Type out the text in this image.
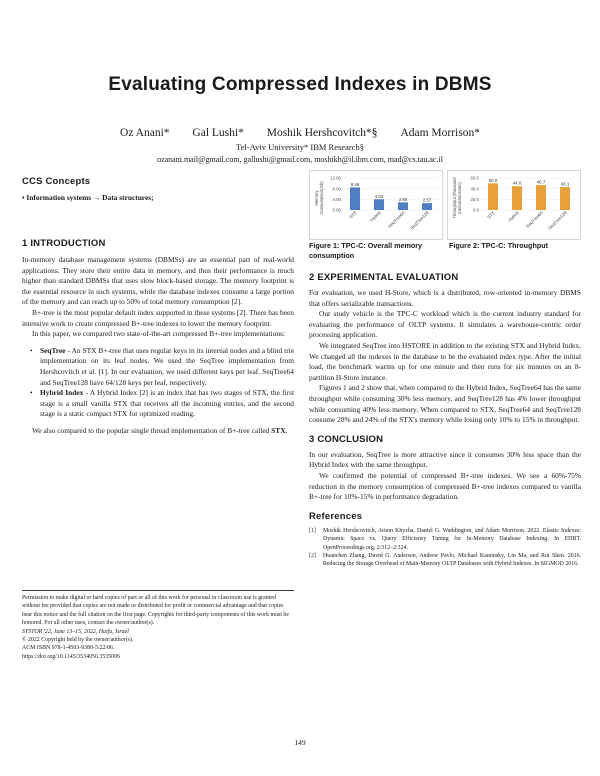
Evaluating Compressed Indexes in DBMS
Oz Anani* Gal Lushi* Moshik Hershcovitch*§ Adam Morrison*
Tel-Aviv University* IBM Research§
ozanani.mail@gmail.com, gallushi@gmail.com, moshikh@il.ibm.com, mad@cs.tau.ac.il
CCS Concepts
• Information systems → Data structures;
1 INTRODUCTION

In-memory database management systems (DBMSs) are an essential part of real-world applications. They store their entire data in memory, and thus their performance is much higher than standard DBMSs that uses slow block-based storage. The memory footprint is the essential resource in such systems, while the database indexes consume a large portion of the memory and can reach up to 50% of total memory consumption [2].

B+-tree is the most popular default index supported in these systems [2]. There has been intensive work to create compressed B+-tree indexes to lower the memory footprint.

In this paper, we compared two state-of-the-art compressed B+-tree implementations:

• SeqTree - An STX B+-tree that uses regular keys in its internal nodes and a blind trie implementation on its leaf nodes. We used the SeqTree implementation from Hershcovitch et al. [1]. In our evaluation, we used different keys per leaf. SeqTree64 and SeqTree128 have 64/128 keys per leaf, respectively.
• Hybrid Index - A Hybrid Index [2] is an index that has two stages of STX, the first stage is a small vanilla STX that receives all the incoming entries, and the second stage is a static compact STX for optimized reading.

We also compared to the popular single thread implementation of B+-tree called STX.

Permission to make digital or hard copies of part or all of this work for personal or classroom use is granted without fee provided that copies are not made or distributed for profit or commercial advantage and that copies bear this notice and the full citation on the first page. Copyrights for third-party components of this work must be honored. For all other uses, contact the owner/author(s).

SYSTOR '22, June 13–15, 2022, Haifa, Israel

© 2022 Copyright held by the owner/author(s).

ACM ISBN 978-1-4503-9380-5/22/06.

https://doi.org/10.1145/3534056.3535006

MemoryConsumption(Gb)
12.00
8.00
4.00
0.00
8.46
STX
4.02
Hybrid
2.86
SeqTree64
2.57
SeqTree128
Throughput (thousandtransactions/sec)
60.0
40.0
20.0
0.0
50.0
STX
44.6
Hybrid
46.7
SeqTree64
43.1
SeqTree128
Figure 1: TPC-C: Overall memory consumption
Figure 2: TPC-C: Throughput
2 EXPERIMENTAL EVALUATION

For evaluation, we used H-Store, which is a distributed, row-oriented in-memory DBMS that offers serializable transactions.

Our study vehicle is the TPC-C workload which is the current industry standard for evaluating the performance of OLTP systems. It simulates a warehouse-centric order processing application.

We integrated SeqTree into HSTORE in addition to the existing STX and Hybrid Index. We changed all the indexes in the database to be the evaluated index type. After the initial load, the benchmark warms up for one minute and then runs for six minutes on an 8-partition H-Store instance.

Figures 1 and 2 show that, when compared to the Hybrid Index, SeqTree64 has the same throughput while consuming 30% less memory, and SeqTree128 has 4% lower throughput while consuming 40% less memory. When compared to STX, SeqTree64 and SeqTree128 consume 28% and 24% of the STX's memory while losing only 10% to 15% in throughput.

3 CONCLUSION

In our evaluation, SeqTree is more attractive since it consumes 30% less space than the Hybrid Index with the same throughput.

We confirmed the potential of compressed B+-tree indexes. We see a 60%-75% reduction in the memory consumption of compressed B+-tree indexes compared to vanilla B+-tree for 10%-15% in performance degradation.

References

[1] Moshik Hershcovitch, Artem Khyzha, Daniel G. Waddington, and Adam Morrison. 2022. Elastic Indexes: Dynamic Space vs. Query Efficiency Tuning for In-Memory Database Indexing. In EDBT. OpenProceedings.org, 2:312–2:324.

[2] Huanchen Zhang, David G. Andersen, Andrew Pavlo, Michael Kaminsky, Lin Ma, and Rui Shen. 2016. Reducing the Storage Overhead of Main-Memory OLTP Databases with Hybrid Indexes. In SIGMOD 2016.

149
